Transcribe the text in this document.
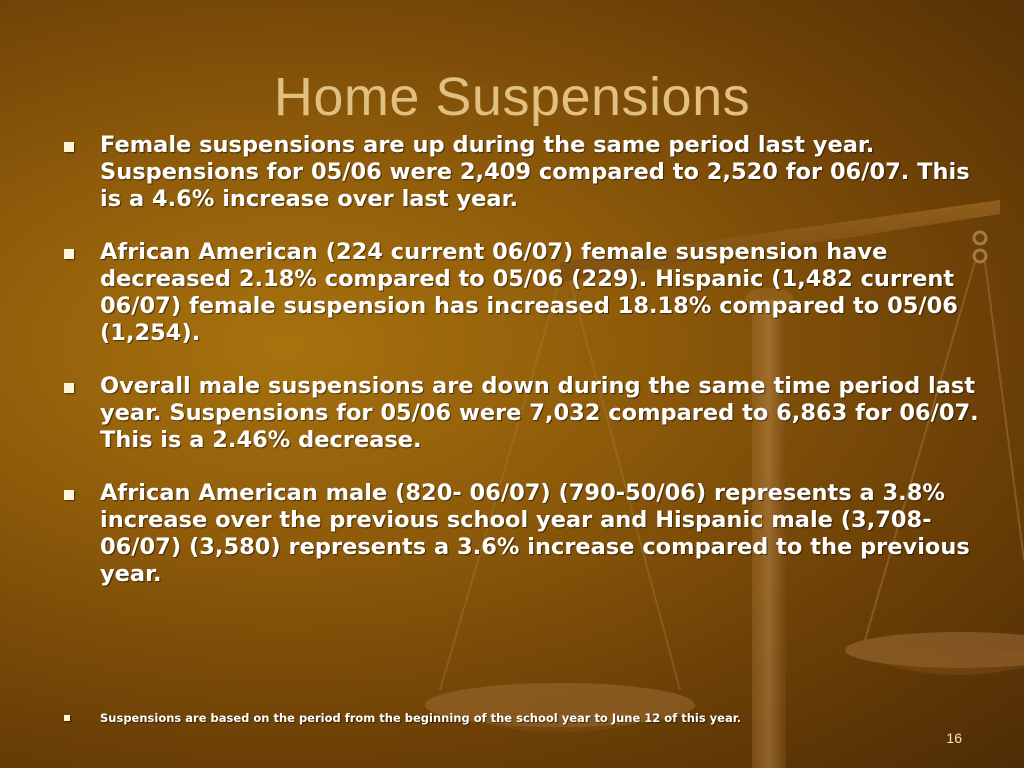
Home Suspensions
Female suspensions are up during the same period last year. Suspensions for 05/06 were 2,409 compared to 2,520 for 06/07. This is a 4.6% increase over last year.
African American (224 current 06/07) female suspension have decreased 2.18% compared to 05/06 (229). Hispanic (1,482 current 06/07) female suspension has increased 18.18% compared to 05/06 (1,254).
Overall male suspensions are down during the same time period last year. Suspensions for 05/06 were 7,032 compared to 6,863 for 06/07. This is a 2.46% decrease.
African American male (820- 06/07) (790-50/06) represents a 3.8% increase over the previous school year and Hispanic male (3,708-06/07) (3,580) represents a 3.6% increase compared to the previous year.
Suspensions are based on the period from the beginning of the school year to June 12 of this year.
16
